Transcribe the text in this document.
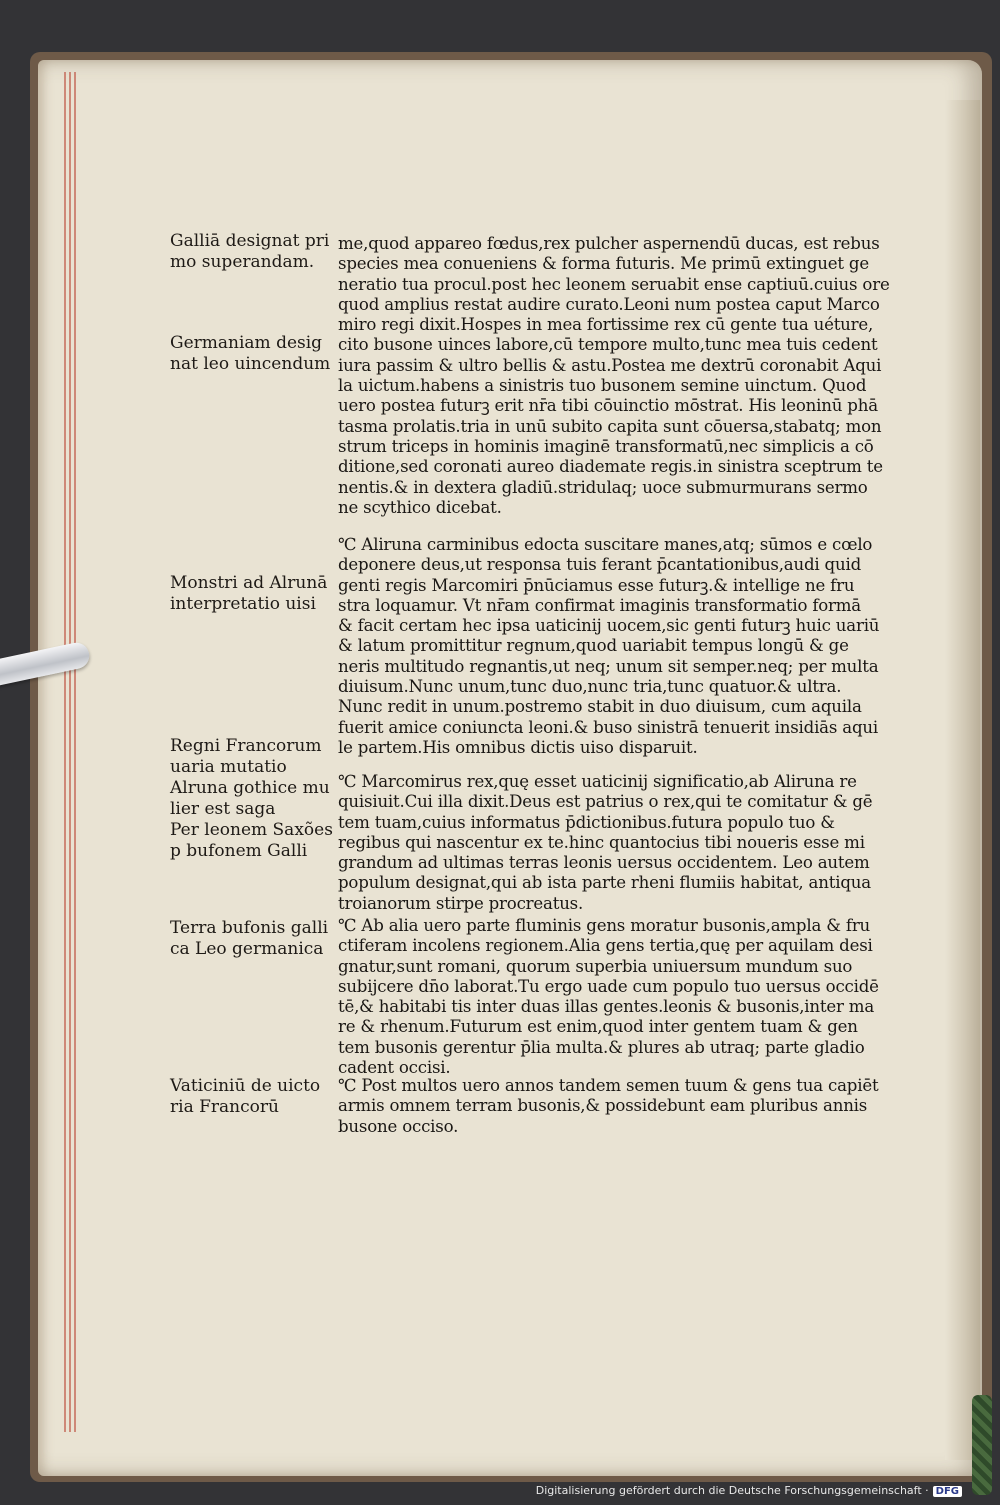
Galliā designat pri
mo superandam.
Germaniam desig
nat leo uincendum
Monstri ad Alrunā
interpretatio uisi
Regni Francorum
uaria mutatio
Alruna gothice mu
lier est saga
Per leonem Saxões
p bufonem Galli
Terra bufonis galli
ca Leo germanica
Vaticiniū de uicto
ria Francorū
me,quod appareo fœdus,rex pulcher aspernendū ducas, est rebus
species mea conueniens & forma futuris. Me primū extinguet ge
neratio tua procul.post hec leonem seruabit ense captiuū.cuius ore
quod amplius restat audire curato.Leoni num postea caput Marco
miro regi dixit.Hospes in mea fortissime rex cū gente tua uéture,
cito busone uinces labore,cū tempore multo,tunc mea tuis cedent
iura passim & ultro bellis & astu.Postea me dextrū coronabit Aqui
la uictum.habens a sinistris tuo busonem semine uinctum. Quod
uero postea futurꝫ erit nr̄a tibi cōuinctio mōstrat. His leoninū phā
tasma prolatis.tria in unū subito capita sunt cōuersa,stabatq; mon
strum triceps in hominis imaginē transformatū,nec simplicis a cō
ditione,sed coronati aureo diademate regis.in sinistra sceptrum te
nentis.& in dextera gladiū.stridulaq; uoce submurmurans sermo
ne scythico dicebat.
℃ Aliruna carminibus edocta suscitare manes,atq; sūmos e cœlo
deponere deus,ut responsa tuis ferant p̄cantationibus,audi quid
genti regis Marcomiri p̄nūciamus esse futurꝫ.& intellige ne fru
stra loquamur. Vt nr̄am confirmat imaginis transformatio formā
& facit certam hec ipsa uaticinij uocem,sic genti futurꝫ huic uariū
& latum promittitur regnum,quod uariabit tempus longū & ge
neris multitudo regnantis,ut neq; unum sit semper.neq; per multa
diuisum.Nunc unum,tunc duo,nunc tria,tunc quatuor.& ultra.
Nunc redit in unum.postremo stabit in duo diuisum, cum aquila
fuerit amice coniuncta leoni.& buso sinistrā tenuerit insidiās aqui
le partem.His omnibus dictis uiso disparuit.
℃ Marcomirus rex,quę esset uaticinij significatio,ab Aliruna re
quisiuit.Cui illa dixit.Deus est patrius o rex,qui te comitatur & gē
tem tuam,cuius informatus p̄dictionibus.futura populo tuo &
regibus qui nascentur ex te.hinc quantocius tibi noueris esse mi
grandum ad ultimas terras leonis uersus occidentem. Leo autem
populum designat,qui ab ista parte rheni flumiis habitat, antiqua
troianorum stirpe procreatus.
℃ Ab alia uero parte fluminis gens moratur busonis,ampla & fru
ctiferam incolens regionem.Alia gens tertia,quę per aquilam desi
gnatur,sunt romani, quorum superbia uniuersum mundum suo
subijcere dn̄o laborat.Tu ergo uade cum populo tuo uersus occidē
tē,& habitabi tis inter duas illas gentes.leonis & busonis,inter ma
re & rhenum.Futurum est enim,quod inter gentem tuam & gen
tem busonis gerentur p̄lia multa.& plures ab utraq; parte gladio
cadent occisi.
℃ Post multos uero annos tandem semen tuum & gens tua capiēt
armis omnem terram busonis,& possidebunt eam pluribus annis
busone occiso.
Digitalisierung gefördert durch die Deutsche Forschungsgemeinschaft · DFG
